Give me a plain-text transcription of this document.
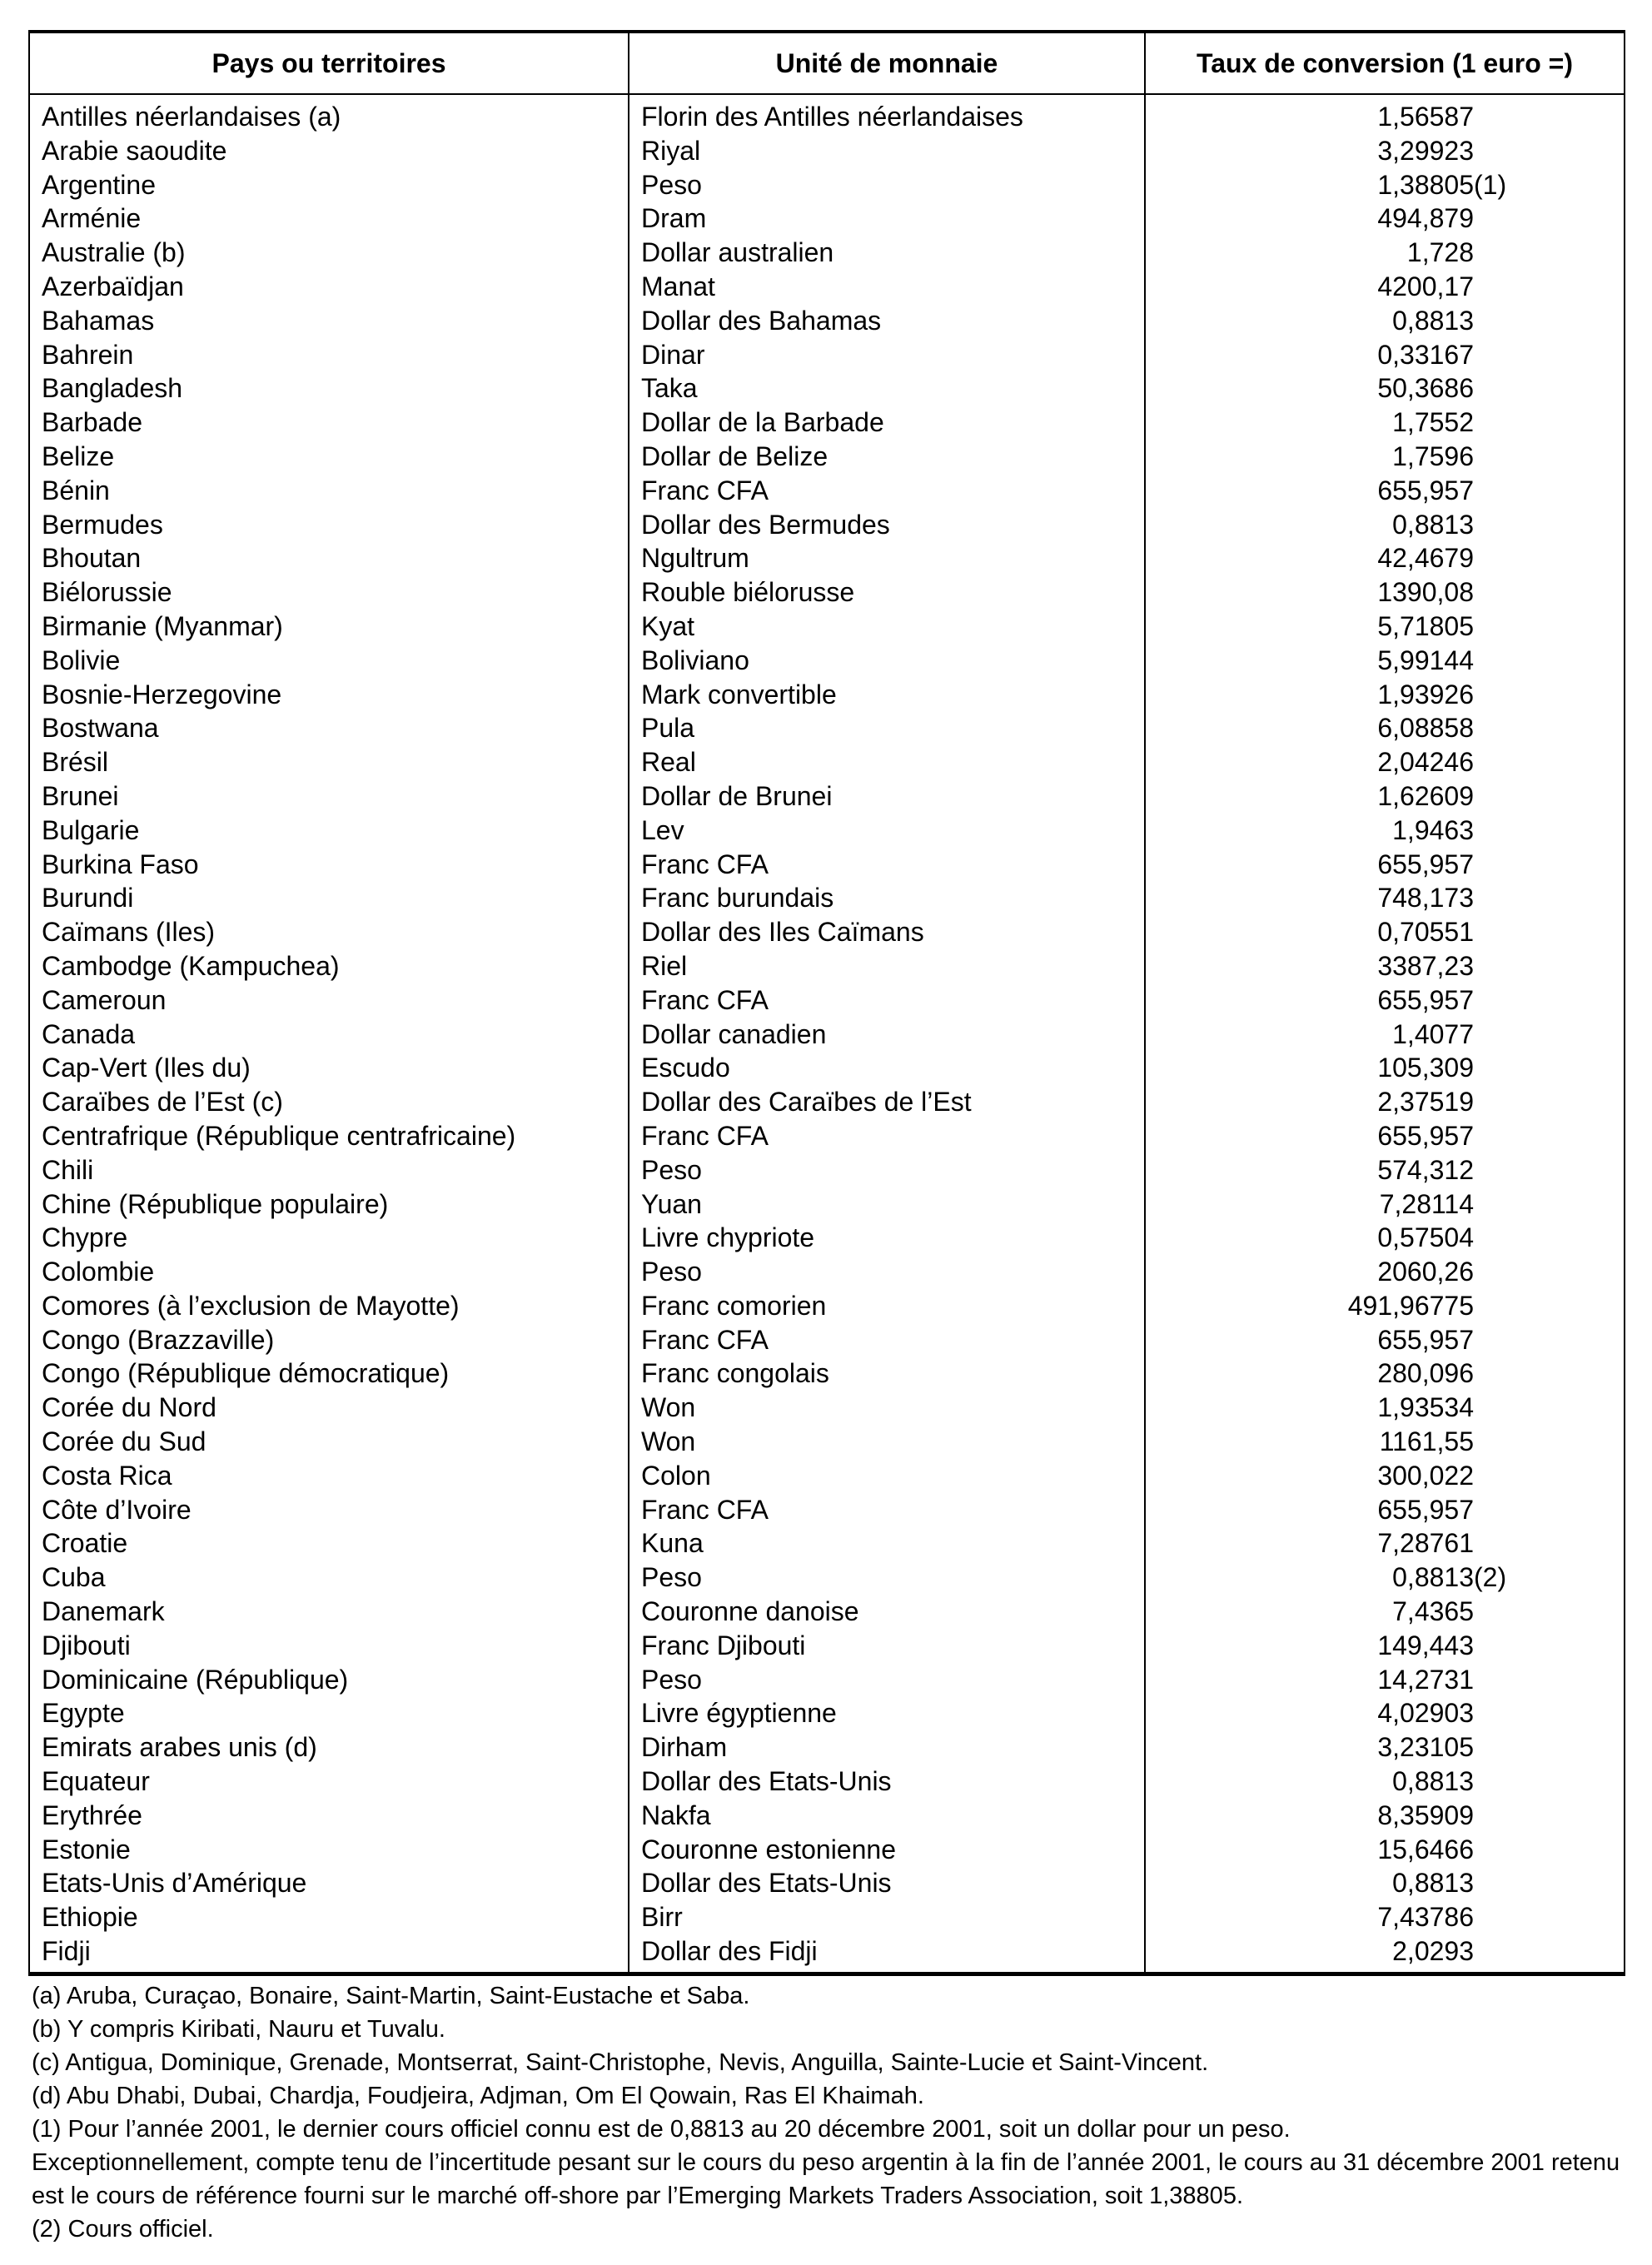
Pays ou territoires	Unité de monnaie	Taux de conversion (1 euro =)
Antilles néerlandaises (a)	Florin des Antilles néerlandaises	1,56587
Arabie saoudite	Riyal	3,29923
Argentine	Peso	1,38805(1)
Arménie	Dram	494,879
Australie (b)	Dollar australien	1,728
Azerbaïdjan	Manat	4200,17
Bahamas	Dollar des Bahamas	0,8813
Bahrein	Dinar	0,33167
Bangladesh	Taka	50,3686
Barbade	Dollar de la Barbade	1,7552
Belize	Dollar de Belize	1,7596
Bénin	Franc CFA	655,957
Bermudes	Dollar des Bermudes	0,8813
Bhoutan	Ngultrum	42,4679
Biélorussie	Rouble biélorusse	1390,08
Birmanie (Myanmar)	Kyat	5,71805
Bolivie	Boliviano	5,99144
Bosnie-Herzegovine	Mark convertible	1,93926
Bostwana	Pula	6,08858
Brésil	Real	2,04246
Brunei	Dollar de Brunei	1,62609
Bulgarie	Lev	1,9463
Burkina Faso	Franc CFA	655,957
Burundi	Franc burundais	748,173
Caïmans (Iles)	Dollar des Iles Caïmans	0,70551
Cambodge (Kampuchea)	Riel	3387,23
Cameroun	Franc CFA	655,957
Canada	Dollar canadien	1,4077
Cap-Vert (Iles du)	Escudo	105,309
Caraïbes de l’Est (c)	Dollar des Caraïbes de l’Est	2,37519
Centrafrique (République centrafricaine)	Franc CFA	655,957
Chili	Peso	574,312
Chine (République populaire)	Yuan	7,28114
Chypre	Livre chypriote	0,57504
Colombie	Peso	2060,26
Comores (à l’exclusion de Mayotte)	Franc comorien	491,96775
Congo (Brazzaville)	Franc CFA	655,957
Congo (République démocratique)	Franc congolais	280,096
Corée du Nord	Won	1,93534
Corée du Sud	Won	1161,55
Costa Rica	Colon	300,022
Côte d’Ivoire	Franc CFA	655,957
Croatie	Kuna	7,28761
Cuba	Peso	0,8813(2)
Danemark	Couronne danoise	7,4365
Djibouti	Franc Djibouti	149,443
Dominicaine (République)	Peso	14,2731
Egypte	Livre égyptienne	4,02903
Emirats arabes unis (d)	Dirham	3,23105
Equateur	Dollar des Etats-Unis	0,8813
Erythrée	Nakfa	8,35909
Estonie	Couronne estonienne	15,6466
Etats-Unis d’Amérique	Dollar des Etats-Unis	0,8813
Ethiopie	Birr	7,43786
Fidji	Dollar des Fidji	2,0293

(a) Aruba, Curaçao, Bonaire, Saint-Martin, Saint-Eustache et Saba.

(b) Y compris Kiribati, Nauru et Tuvalu.

(c) Antigua, Dominique, Grenade, Montserrat, Saint-Christophe, Nevis, Anguilla, Sainte-Lucie et Saint-Vincent.

(d) Abu Dhabi, Dubai, Chardja, Foudjeira, Adjman, Om El Qowain, Ras El Khaimah.

(1) Pour l’année 2001, le dernier cours officiel connu est de 0,8813 au 20 décembre 2001, soit un dollar pour un peso.

Exceptionnellement, compte tenu de l’incertitude pesant sur le cours du peso argentin à la fin de l’année 2001, le cours au 31 décembre 2001 retenu est le cours de référence fourni sur le marché off-shore par l’Emerging Markets Traders Association, soit 1,38805.

(2) Cours officiel.
